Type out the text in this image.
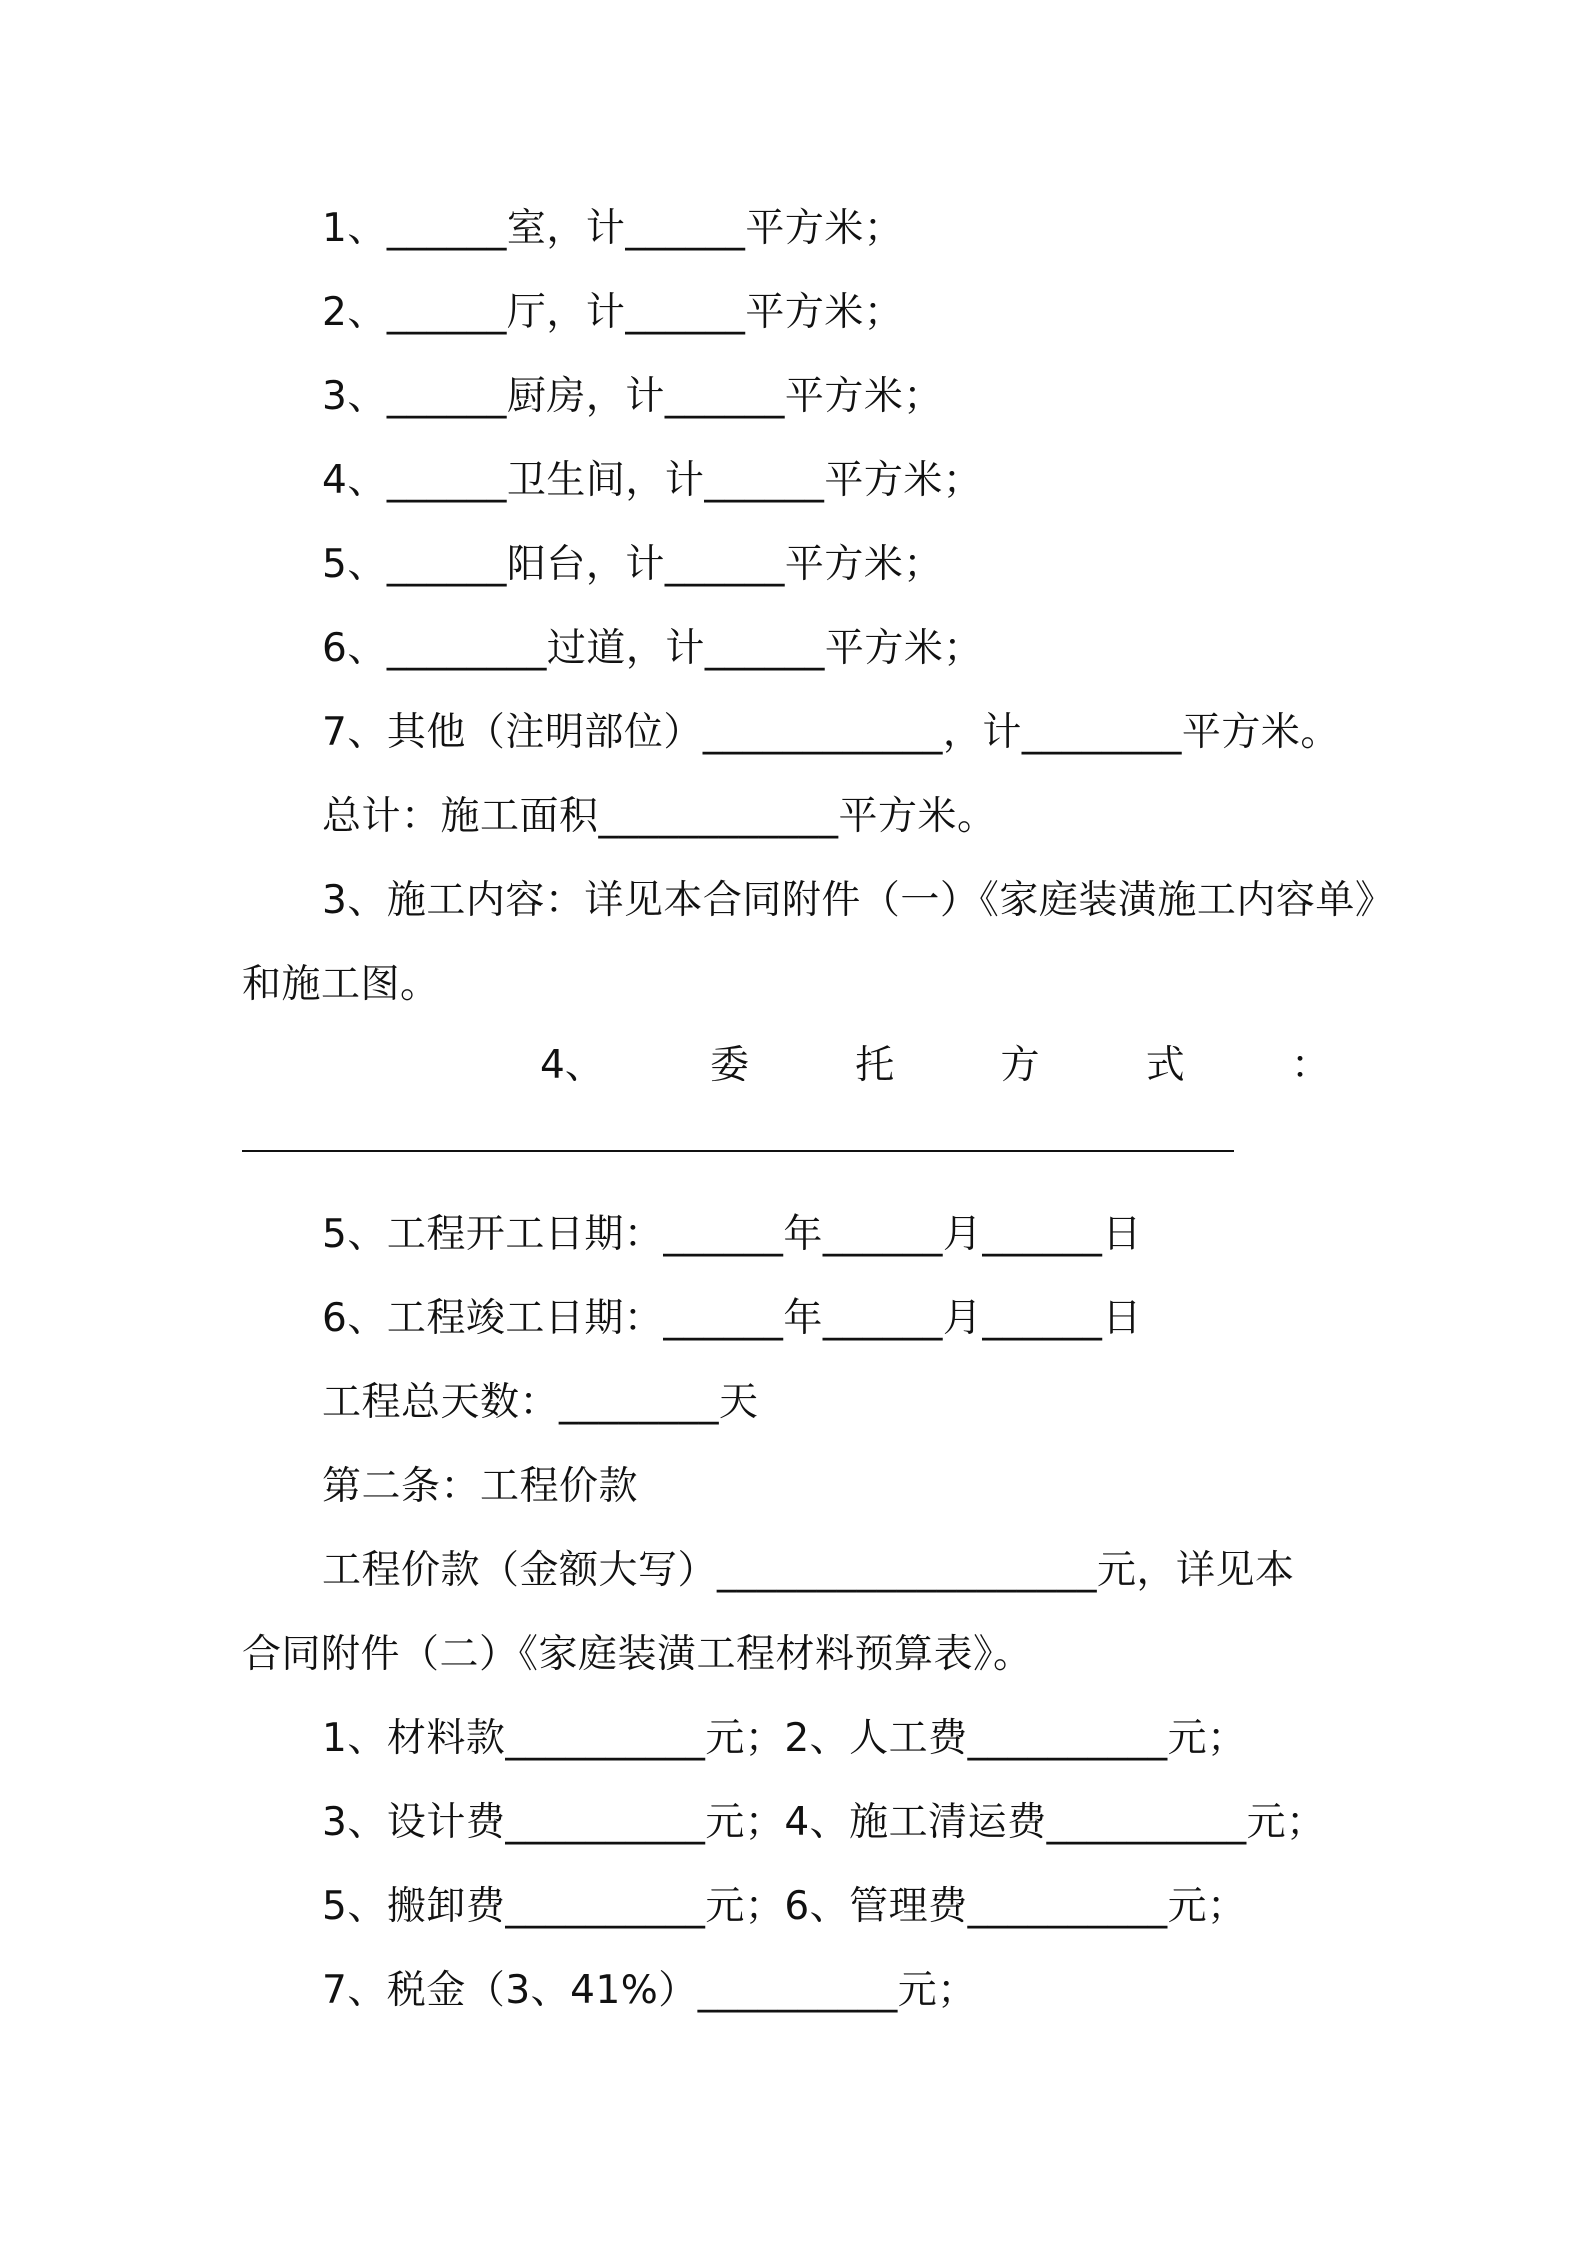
1、______室，计______平方米；
2、______厅，计______平方米；
3、______厨房，计______平方米；
4、______卫生间，计______平方米；
5、______阳台，计______平方米；
6、________过道，计______平方米；
7、其他（注明部位）____________，计________平方米。
总计：施工面积____________平方米。
3、施工内容：详见本合同附件（一）《家庭装潢施工内容单》
和施工图。
4、	委	托	方	式	：
5、工程开工日期：______年______月______日
6、工程竣工日期：______年______月______日
工程总天数：________天
第二条：工程价款
工程价款（金额大写）___________________元，详见本
合同附件（二）《家庭装潢工程材料预算表》。
1、材料款__________元；2、人工费__________元；
3、设计费__________元；4、施工清运费__________元；
5、搬卸费__________元；6、管理费__________元；
7、税金（3、41%）__________元；
